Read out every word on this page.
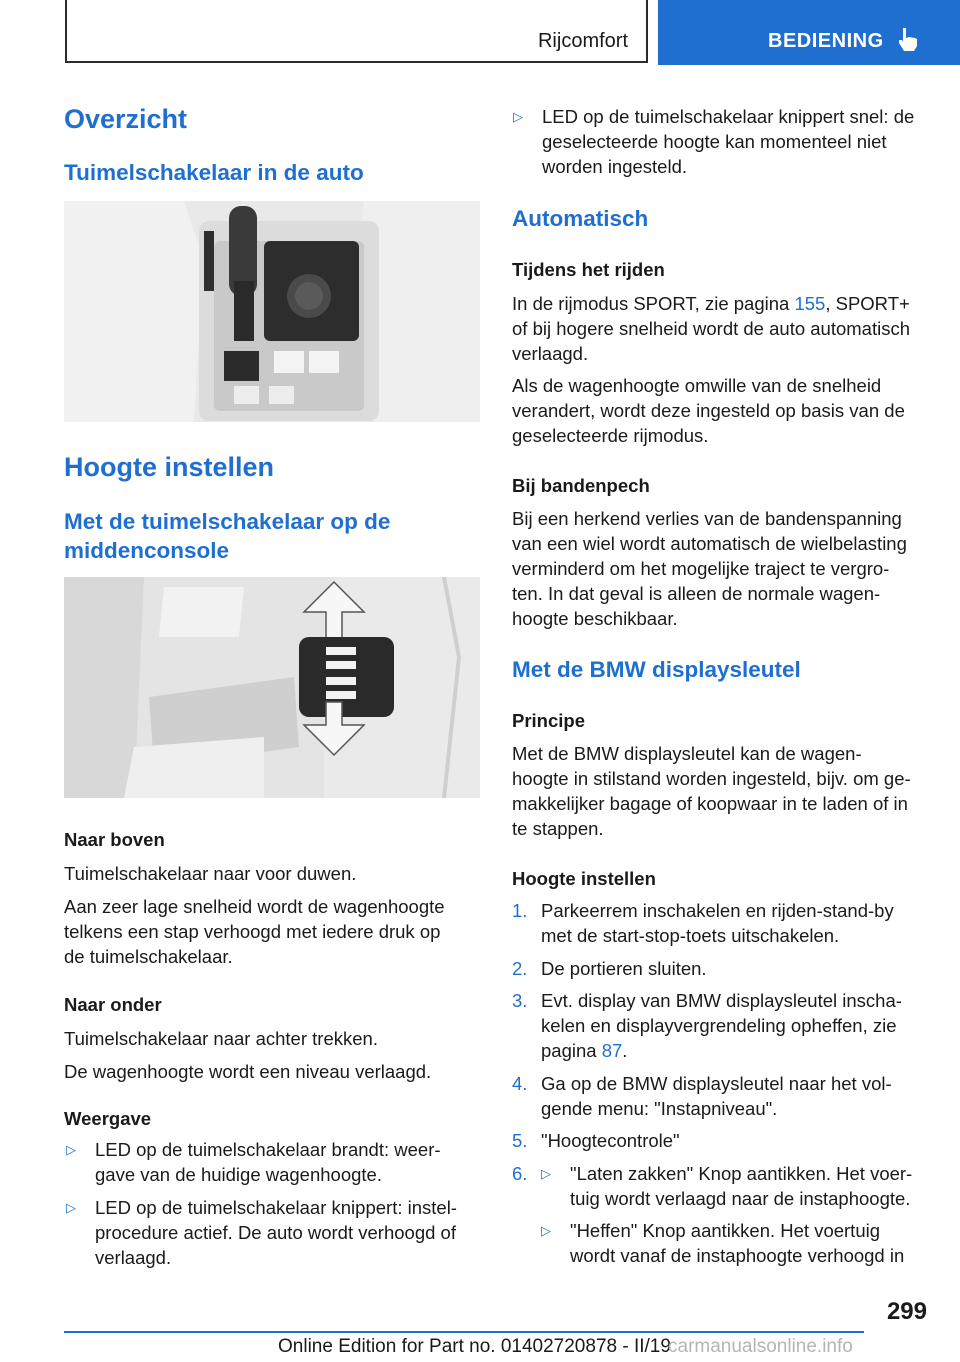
Rijcomfort	BEDIENING
Overzicht
Tuimelschakelaar in de auto
Hoogte instellen
Met de tuimelschakelaar op de
middenconsole
Naar boven
Tuimelschakelaar naar voor duwen.
Aan zeer lage snelheid wordt de wagenhoogte
telkens een stap verhoogd met iedere druk op
de tuimelschakelaar.
Naar onder
Tuimelschakelaar naar achter trekken.
De wagenhoogte wordt een niveau verlaagd.
Weergave
▷ LED op de tuimelschakelaar brandt: weer-
gave van de huidige wagenhoogte.
▷ LED op de tuimelschakelaar knippert: instel-
procedure actief. De auto wordt verhoogd of
verlaagd.
▷ LED op de tuimelschakelaar knippert snel: de
geselecteerde hoogte kan momenteel niet
worden ingesteld.
Automatisch
Tijdens het rijden
In de rijmodus SPORT, zie pagina 155, SPORT+
of bij hogere snelheid wordt de auto automatisch
verlaagd.
Als de wagenhoogte omwille van de snelheid
verandert, wordt deze ingesteld op basis van de
geselecteerde rijmodus.
Bij bandenpech
Bij een herkend verlies van de bandenspanning
van een wiel wordt automatisch de wielbelasting
verminderd om het mogelijke traject te vergro-
ten. In dat geval is alleen de normale wagen-
hoogte beschikbaar.
Met de BMW displaysleutel
Principe
Met de BMW displaysleutel kan de wagen-
hoogte in stilstand worden ingesteld, bijv. om ge-
makkelijker bagage of koopwaar in te laden of in
te stappen.
Hoogte instellen
1. Parkeerrem inschakelen en rijden-stand-by
met de start-stop-toets uitschakelen.
2. De portieren sluiten.
3. Evt. display van BMW displaysleutel inscha-
kelen en displayvergrendeling opheffen, zie
pagina 87.
4. Ga op de BMW displaysleutel naar het vol-
gende menu: "Instapniveau".
5. "Hoogtecontrole"
6. ▷ "Laten zakken" Knop aantikken. Het voer-
tuig wordt verlaagd naar de instaphoogte.
▷ "Heffen" Knop aantikken. Het voertuig
wordt vanaf de instaphoogte verhoogd in
299
Online Edition for Part no. 01402720878 - II/19
carmanualsonline.info
